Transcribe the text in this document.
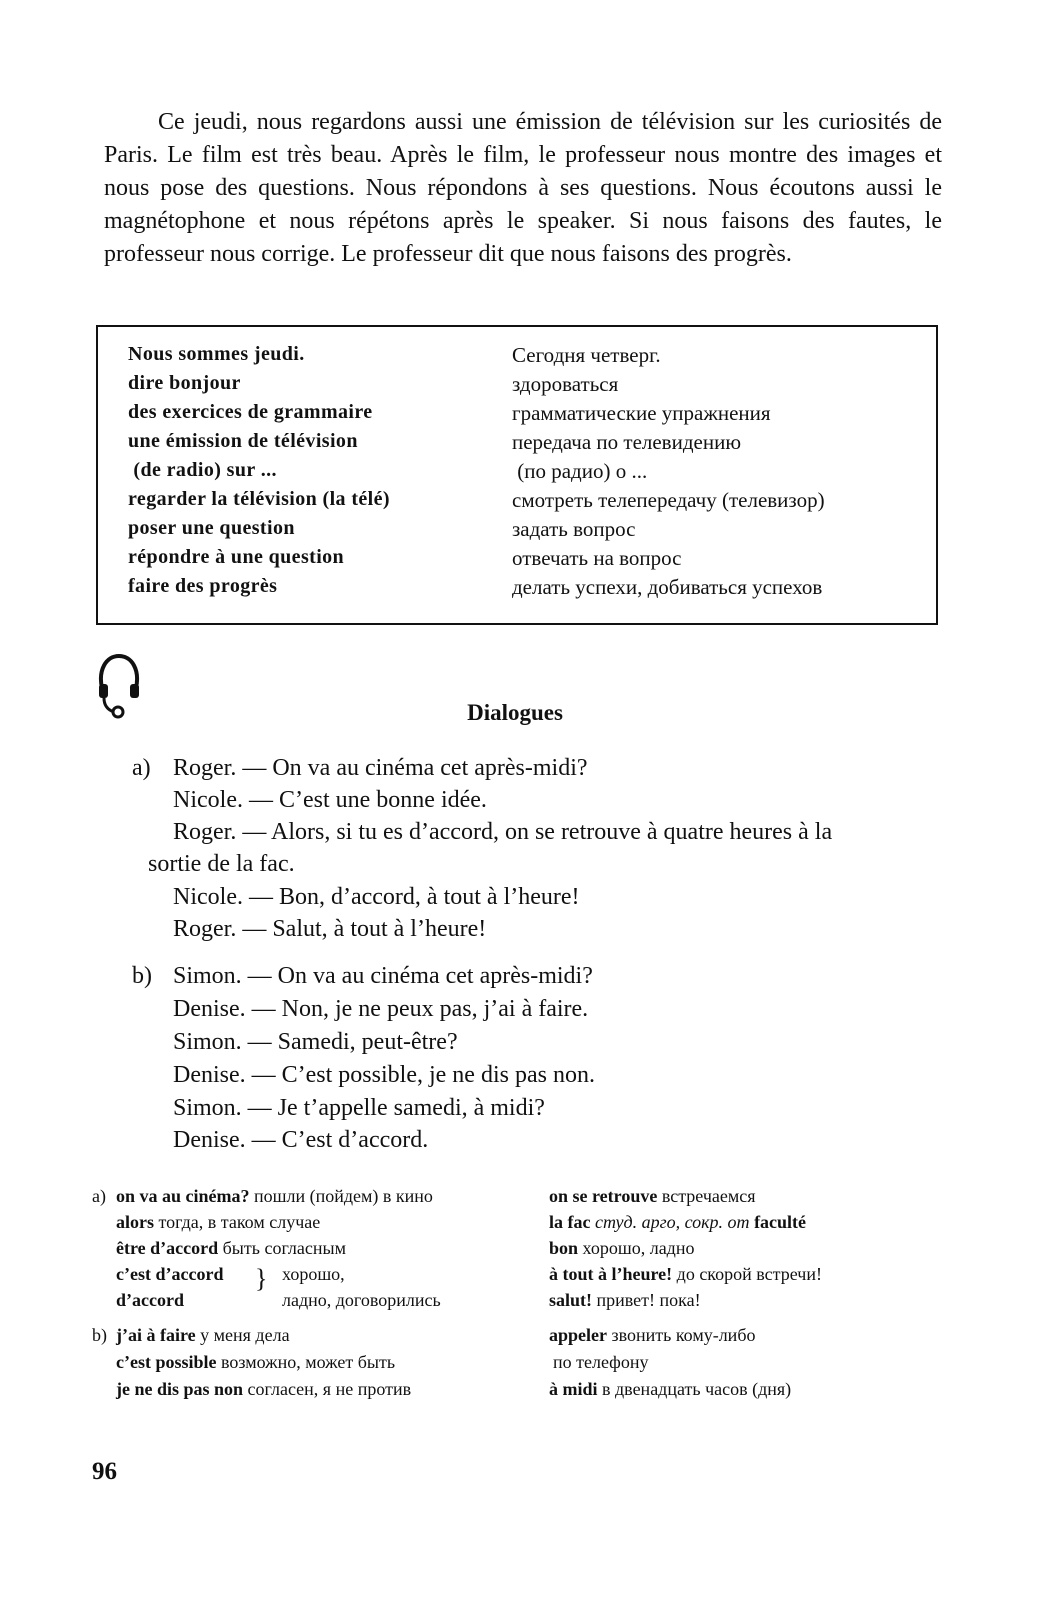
Ce jeudi, nous regardons aussi une émission de télévision sur les curiosités de Paris. Le film est très beau. Après le film, le professeur nous montre des images et nous pose des questions. Nous répondons à ses questions. Nous écoutons aussi le magnétophone et nous répétons après le speaker. Si nous faisons des fautes, le professeur nous corrige. Le professeur dit que nous faisons des progrès.

Nous sommes jeudi.	Сегодня четверг.
dire bonjour	здороваться
des exercices de grammaire	грамматические упражнения
une émission de télévision	передача по телевидению
(de radio) sur ...	(по радио) о ...
regarder la télévision (la télé)	смотреть телепередачу (телевизор)
poser une question	задать вопрос
répondre à une question	отвечать на вопрос
faire des progrès	делать успехи, добиваться успехов
Dialogues
a) Roger. — On va au cinéma cet après-midi?
Nicole. — C’est une bonne idée.
Roger. — Alors, si tu es d’accord, on se retrouve à quatre heures à la
sortie de la fac.
Nicole. — Bon, d’accord, à tout à l’heure!
Roger. — Salut, à tout à l’heure!
b) Simon. — On va au cinéma cet après-midi?
Denise. — Non, je ne peux pas, j’ai à faire.
Simon. — Samedi, peut-être?
Denise. — C’est possible, je ne dis pas non.
Simon. — Je t’appelle samedi, à midi?
Denise. — C’est d’accord.
a) on va au cinéma? пошли (пойдем) в кино
alors тогда, в таком случае
être d’accord быть согласным
c’est d’accord
d’accord
} хорошо,
ладно, договорились
b) j’ai à faire у меня дела
c’est possible возможно, может быть
je ne dis pas non согласен, я не против
on se retrouve встречаемся
la fac студ. арго, сокр. от faculté
bon хорошо, ладно
à tout à l’heure! до скорой встречи!
salut! привет! пока!
appeler звонить кому-либо
по телефону
à midi в двенадцать часов (дня)
96
